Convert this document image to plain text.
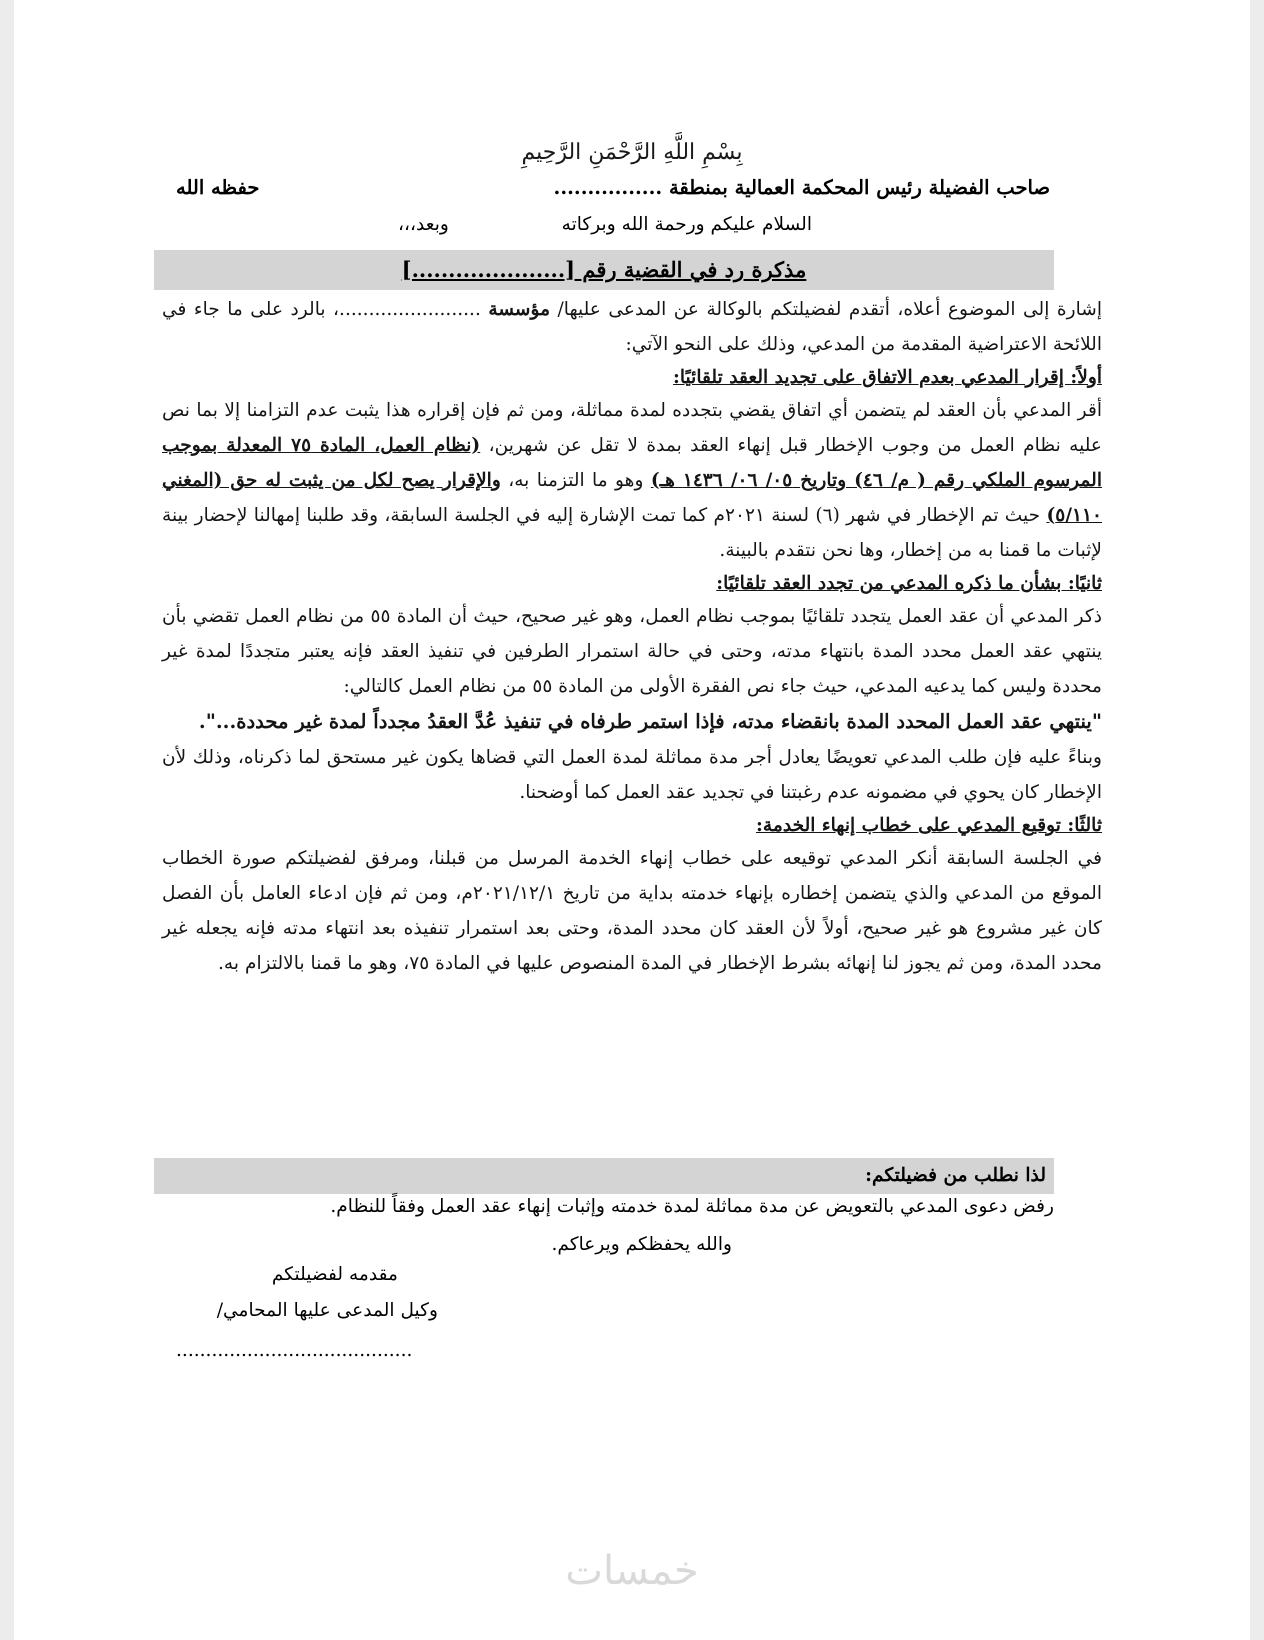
بِسْمِ اللَّهِ الرَّحْمَنِ الرَّحِيمِ
صاحب الفضيلة رئيس المحكمة العمالية بمنطقة ................
حفظه الله
السلام عليكم ورحمة الله وبركاته
وبعد،،،
مذكرة رد في القضية رقم [.....................]

إشارة إلى الموضوع أعلاه، أتقدم لفضيلتكم بالوكالة عن المدعى عليها/ مؤسسة ........................، بالرد على ما جاء في اللائحة الاعتراضية المقدمة من المدعي، وذلك على النحو الآتي:

أولاً: إقرار المدعي بعدم الاتفاق على تجديد العقد تلقائيًا:

أقر المدعي بأن العقد لم يتضمن أي اتفاق يقضي بتجدده لمدة مماثلة، ومن ثم فإن إقراره هذا يثبت عدم التزامنا إلا بما نص عليه نظام العمل من وجوب الإخطار قبل إنهاء العقد بمدة لا تقل عن شهرين، (نظام العمل، المادة ٧٥ المعدلة بموجب المرسوم الملكي رقم ( م/ ٤٦) وتاريخ ٠٥/ ٠٦/ ١٤٣٦ هـ) وهو ما التزمنا به، والإقرار يصح لكل من يثبت له حق (المغني ٥/١١٠) حيث تم الإخطار في شهر (٦) لسنة ٢٠٢١م كما تمت الإشارة إليه في الجلسة السابقة، وقد طلبنا إمهالنا لإحضار بينة لإثبات ما قمنا به من إخطار، وها نحن نتقدم بالبينة.

ثانيًا: بشأن ما ذكره المدعي من تجدد العقد تلقائيًا:

ذكر المدعي أن عقد العمل يتجدد تلقائيًا بموجب نظام العمل، وهو غير صحيح، حيث أن المادة ٥٥ من نظام العمل تقضي بأن ينتهي عقد العمل محدد المدة بانتهاء مدته، وحتى في حالة استمرار الطرفين في تنفيذ العقد فإنه يعتبر متجددًا لمدة غير محددة وليس كما يدعيه المدعي، حيث جاء نص الفقرة الأولى من المادة ٥٥ من نظام العمل كالتالي:

"ينتهي عقد العمل المحدد المدة بانقضاء مدته، فإذا استمر طرفاه في تنفيذ عُدَّ العقدُ مجدداً لمدة غير محددة...".

وبناءً عليه فإن طلب المدعي تعويضًا يعادل أجر مدة مماثلة لمدة العمل التي قضاها يكون غير مستحق لما ذكرناه، وذلك لأن الإخطار كان يحوي في مضمونه عدم رغبتنا في تجديد عقد العمل كما أوضحنا.

ثالثًا: توقيع المدعي على خطاب إنهاء الخدمة:

في الجلسة السابقة أنكر المدعي توقيعه على خطاب إنهاء الخدمة المرسل من قبلنا، ومرفق لفضيلتكم صورة الخطاب الموقع من المدعي والذي يتضمن إخطاره بإنهاء خدمته بداية من تاريخ ٢٠٢١/١٢/١م، ومن ثم فإن ادعاء العامل بأن الفصل كان غير مشروع هو غير صحيح، أولاً لأن العقد كان محدد المدة، وحتى بعد استمرار تنفيذه بعد انتهاء مدته فإنه يجعله غير محدد المدة، ومن ثم يجوز لنا إنهائه بشرط الإخطار في المدة المنصوص عليها في المادة ٧٥، وهو ما قمنا بالالتزام به.

لذا نطلب من فضيلتكم:
رفض دعوى المدعي بالتعويض عن مدة مماثلة لمدة خدمته وإثبات إنهاء عقد العمل وفقاً للنظام.
والله يحفظكم ويرعاكم.
مقدمه لفضيلتكم
وكيل المدعى عليها المحامي/
........................................
خمسات
